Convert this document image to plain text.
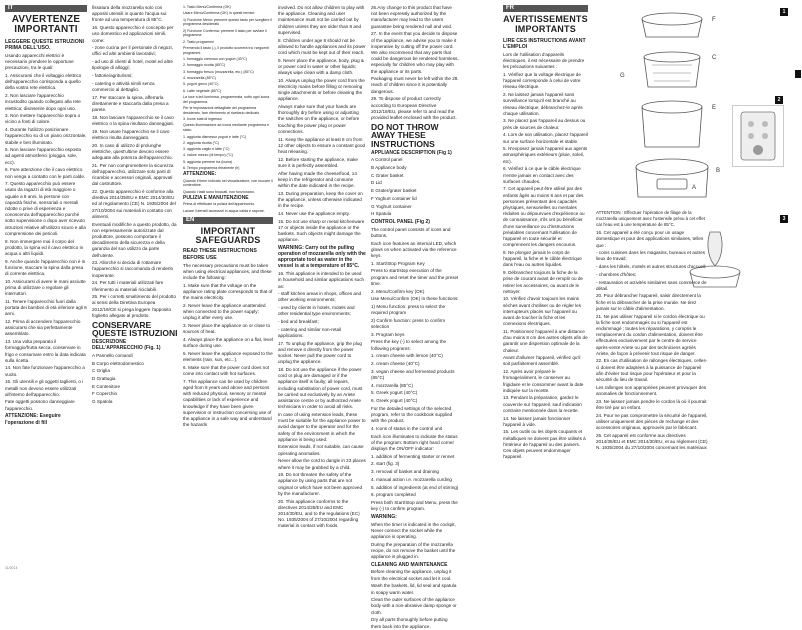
IT
AVVERTENZE IMPORTANTI

LEGGERE QUESTE ISTRUZIONI PRIMA DELL'USO.

Usando apparecchi elettrici è necessario prendere le opportune precauzioni, tra le quali:

1. Assicurarsi che il voltaggio elettrico dell'apparecchio corrisponda a quello della vostra rete elettrica.

2. Non lasciare l'apparecchio incustodito quando collegato alla rete elettrica; disinserire dopo ogni uso.

3. Non mettere l'apparecchio sopra o vicino a fonti di calore.

4. Durante l'utilizzo posizionare l'apparecchio su di un piano orizzontale, stabile e ben illuminato.

5. Non lasciare l'apparecchio esposto ad agenti atmosferici (pioggia, sole, ecc).

6. Fare attenzione che il cavo elettrico non venga a contatto con le parti calde.

7. Questo apparecchio può essere usato da ragazzi di età maggiore o uguale a 8 anni, la persone con capacità fisiche, sensoriali o mentali ridotte o prive di esperienza e conoscenza dell'apparecchio purché sotto supervisione o dopo aver ricevuto istruzioni relative all'utilizzo sicuro e alla comprensione dei pericoli.

8. Non immergere mai il corpo del prodotto, la spina ed il cavo elettrico in acqua o altri liquidi.

9. Anche quando l'apparecchio non è in funzione, staccare la spina dalla presa di corrente elettrica.

10. Assicurarsi di avere le mani asciutte prima di utilizzare o regolare gli interruttori.

11. Tenere l'apparecchio fuori dalla portata dei bambini di età inferiore agli 8 anni.

12. Prima di accendere l'apparecchio assicurarsi che sia perfettamente assemblato.

13. Una volta preparato il formaggio/frutta secca, conservare in frigo e consumare entro la data indicata sulla ricetta.

14. Non fate funzionare l'apparecchio a vuoto.

15. Gli utensili e gli oggetti taglienti, o i metalli non devono essere utilizzati all'interno dell'apparecchio.

Fate oggetti possono danneggiare l'apparecchio.

ATTENZIONE: Eseguire l'operazione di fill

fissatura della mozzarella solo con appositi utensili in quanto l'acqua sui fronte ad una temperatura di 85°C.

16. Questo apparecchio è concepito per uso domestico ed applicazioni simili, come:

- zone cucina per il personale di negozi, uffici ed altri ambienti lavorativi;

- ad uso di clienti di hotel, motel ed altre tipologie di alloggi;

- fattorie/agriturismi;

- catering e attività simili senza commercio al dettaglio.

17. Per staccare la spina, afferrarla direttamente e staccarla dalla presa a parete.

18. Non lasciare l'apparecchio se il cavo elettrico o la spina risultano danneggiati.

19. Non usare l'apparecchio se il cavo elettrico risulta danneggiato.

20. In caso di utilizzo di prolunghe elettriche, quest'ultime devono essere adeguate alla potenza dell'apparecchio.

21. Per non compromettere la sicurezza dell'apparecchio, utilizzare solo parti di ricambio e accessori originali, approvati dal costruttore.

22. Questo apparecchio è conforme alla direttiva 2014/35/EU e EMC 2014/30/EU ed al regolamento (CE) N. 1935/2004 del 27/10/2004 sui materiali in contatto con alimenti.

Eventuali modifiche a questo prodotto, da non espressamente autorizzate dal produttore, possono comportare il decadimento della sicurezza e della garanzia del suo utilizzo da parte dell'utente.

23. Allorché si decida di rottamare l'apparecchio si raccomanda di renderlo inoperante.

24. Per tutti i materiali utilizzati fare riferimento ai materiali riciclabili.

25. Per i corretti smaltimento del prodotto ai sensi della Direttiva Europea 2012/19/CE si prega leggere l'apposito foglietto allegato al prodotto.

CONSERVARE QUESTE ISTRUZIONI

DESCRIZIONE DELL'APPARECCHIO (Fig. 1)

A Pannello comandi

B Corpo elettrodomestico

C Griglia

D Grattugia

E Contenitore

F Coperchio

G Spatola

1. Tasto Menù/Conferma (OK)

Usare Menù/Conferma (OK) in questi termini:

1) Funzione Menù: premere questo tasto per scegliere il programma desiderato

2) Funzione Conferma: premere il tasto per avviare il programma

2. Tasto programmi

Premendo il tasto (-), il prodotto scorrerà tra i seguenti programmi:

1. formaggio cremoso con yogurt (40°C)

2. formaggio ricotta (85°C)

3. formaggio fresco (mozzarella, etc.) (85°C)

4. mozzarella (85°C)

5. yogurt greco (40°C)

6. Latte vegetale (85°C)

La luce a led luminosa, programmata, sotto ogni icona del programma.

Per le impostazioni dettagliate del programma desiderato, fare riferimento al ricettario dedicato.

3. Icone stati di ingresso

Questo illuminazione ad icona mediante programma e stato:

1. aggiunta dismesso yogurt e latte (°C)

2. aggiunta ricotta (°C)

3. aggiunta caglio e latte (°C)

4. valore mezzo (di tempo) (°C)

5. aggiunta premere tra (icona)

6. Tempo programma rimanente (h)

ATTENZIONE:

Quando il timer indicato nel visualizzatore, non toccare il contenitore.

Quando i tasti sono bloccati, non funzionano.

PULIZIA E MANUTENZIONE

Prima di effettuare la pulizia dell'apparecchio.

Lavare l'utensili accessori in acqua calda e sapone.

EN
IMPORTANT SAFEGUARDS
READ THESE INSTRUCTIONS BEFORE USE

The necessary precautions must be taken when using electrical appliances, and these include the following:

1. Make sure that the voltage on the appliance rating plate corresponds to that of the mains electricity.

2. Never leave the appliance unattended when connected to the power supply; unplug it after every use.

3. Never place the appliance on or close to sources of heat.

4. Always place the appliance on a flat, level surface during use.

5. Never leave the appliance exposed to the elements (rain, sun, etc...).

6. Make sure that the power cord does not come into contact with hot surfaces.

7. This appliance can be used by children aged from 8 years and above and persons with reduced physical, sensory or mental capabilities or lack of experience and knowledge if they have been given supervision or instruction concerning use of the appliance in a safe way and understand the hazards

involved. Do not allow children to play with the appliance. Cleaning and user maintenance must not be carried out by children unless they are older than 8 and supervised.

8. Children under age 8 should not be allowed to handle appliances and its power cord which must be kept out of their reach.

9. Never place the appliance, body, plug & or power cord in water or other liquids; always wipe clean with a damp cloth.

10. Always unplug the power cord from the electricity mains before filling or removing single attachments or before cleaning the appliance.

Always make sure that your hands are thoroughly dry before using or adjusting the switches on the appliance, or before touching the power plug or power connections.

11. Keep the appliance at least 8 cm from 12 other objects to ensure a constant good heat releasing.

12. Before starting the appliance, make sure it is perfectly assembled.

After having made the cheese/food, 14 keep in the refrigerator and consume within the date indicated in the recipe.

13. During preparation, keep the cover on the appliance, unless otherwise indicated in the recipe.

14. Never use the appliance empty.

15. Do not use sharp or metal kitchenware 17 or objects inside the appliance or the baskets. Such objects might damage the appliance.

WARNING: Carry out the pulling operation of mozzarella only with the appropriate tool as water in the vessel is at a temperature of 85°C.

16. This appliance is intended to be used in household and similar applications such as:

- staff kitchen areas in shops, offices and other working environments;

- used by clients in hotels, motels and other residential type environments;

- bed and breakfast;

- catering and similar non-retail applications.

17. To unplug the appliance, grip the plug and remove it directly from the power socket. Never pull the power cord to unplug the appliance.

18. Do not use the appliance if the power cord or plug are damaged or if the appliance itself is faulty; all repairs, including substitution of power cord, must be carried out exclusively by an Ariete assistance centre or by authorized Ariete technicians in order to avoid all risks.

In case of using extension leads, these must be suitable for the appliance power to avoid danger to the operator and for the safety of the environment in which the appliance is being used.

Extension leads, if not suitable, can cause operating anomalies.

Never allow the cord to dangle in 23 places where it may be grabbed by a child.

19. Do not threaten the safety of the appliance by using parts that are not original or which have not been approved by the manufacturer.

20. This appliance conforms to the directives 2014/35/EU and EMC 2014/30/EU, and to the regulations (EC) No. 1935/2004 of 27/10/2004 regarding material in contact with foods.

26.Any change to this product that have not been expressly authorized by the manufacturer may lead to the users guarantee being rendered null and void.

27. In the event that you decide to dispose of the appliance, we advise you to make it inoperative by cutting off the power cord. We also recommend that any parts that could be dangerous be rendered harmless, especially for children who may play with the appliance or its parts.

Packaging must never be left within the 28. reach of children since it is potentially dangerous.

29. To dispose of product correctly according to European Directive 2012/19/EU, please refer to and read the provided leaflet enclosed with the product.

DO NOT THROW AWAY THESE INSTRUCTIONS

APPLIANCE DESCRIPTION (Fig 1)

A Control panel

B Appliance body

C Grater basket

D Lid

E Grater/grater basket

F Yoghurt container lid

G Yoghurt container

H Spatula

CONTROL PANEL (Fig 2)

The control panel consists of icons and buttons.

Each icon features an internal LED, which glows on when activated via the reference keys.

1. Start/Stop Program Key

Press to start/stop execution of the program and reset the timer and the preset time.

2. Menu/Confirm key (OK)

Use Menu/Confirm (OK) in these functions:

1) Menu function: press to select the required program

2) Confirm function: press to confirm selection

3. Program keys

Press the key (-) to select among the following programs:

1. cream cheese with lemon (40°C)

2. cream cheese (40°C)

3. vegan cheese and fermented products (85°C)

4. mozzarella (85°C)

5. Greek yogurt (40°C)

6. Greek yogurt (40°C)

For the detailed settings of the selected program, refer to the cookbook supplied with the product.

4. Icons of status in the control unit

Each icon illuminates to indicate the status of the program: Bottom right hand corner displays the ON/OFF indicator:

1. addition of fermenting starter or rennet

2. start (fig. 3)

3. removal of basket and draining

4. manual action i.e. mozzarella curding

5. addition of ingredients (at end of stirring)

6. program completed

Press both Start/Stop and Menu, press the key (-) to confirm program.

WARNING:

When the timer is indicated in the cockpit, Never connect the socket while the appliance is operating.

During the preparation of the mozzarella recipe, do not remove the basket until the appliance is plugged in.

CLEANING AND MAINTENANCE

Before cleaning the appliance, unplug it from the electrical socket and let it cool.

Wash the baskets, lid, lid seal and spatula in soapy warm water.

Clean the outer surfaces of the appliance body with a non-abrasive damp sponge or cloth.

Dry all parts thoroughly before putting them back into the appliance.

FR
AVERTISSEMENTS IMPORTANTS

LIRE CES INSTRUCTIONS AVANT L'EMPLOI

Lors de l'utilisation d'appareils électriques, il est nécessaire de prendre les précautions suivantes :

1. Vérifiez que la voltage électrique de l'appareil corresponde à celui de votre réseau électrique.

2. Ne laissez jamais l'appareil sans surveillance lorsqu'il est branché au réseau électrique; débranchez-le après chaque utilisation.

3. Ne placez pas l'appareil au dessus ou près de sources de chaleur.

4. Lors de son utilisation, placez l'appareil sur une surface horizontale et stable.

5. N'exposez jamais l'appareil aux agents atmosphériques extérieurs (pluie, soleil, etc).

6. Vérifiez à ce que le câble électrique n'entre jamais en contact avec des surfaces chaudes.

7. Cet appareil peut être utilisé par des enfants âgés au moins 8 ans et par des personnes présentant des capacités physiques, sensorielles ou mentales réduites ou dépourvues d'expérience ou de connaissance, s'ils ont pu bénéficier d'une surveillance ou d'instructions préalables concernant l'utilisation de l'appareil en toute sécurité et comprennent les dangers encourus.

8. Ne plongez jamais le corps de l'appareil, la fiche et le câble électrique dans l'eau ou autres liquides.

9. Débranchez toujours la fiche de la prise de courant avant de remplir ou de retirer les accessoires, ou avant de le nettoyer.

10. Vérifiez d'avoir toujours les mains sèches avant d'utiliser ou de régler les interrupteurs placés sur l'appareil ou avant de toucher la fiche et les connexions électriques.

11. Positionnez l'appareil à une distance d'au moins 8 cm des autres objets afin de garantir une dispersion optimale de la chaleur.

Avant d'allumer l'appareil, vérifiez qu'il soit parfaitement assemblé.

12. Après avoir préparé le fromage/aliment, le conserver au frigidaire et le consommer avant la date indiquée sur la recette.

13. Pendant la préparation, gardez le couvercle sur l'appareil, sauf indication contraire mentionnée dans la recette.

14. Ne laissez jamais fonctionner l'appareil à vide.

15. Les outils ou les objets coupants et métalliques ne doivent pas être utilisés à l'intérieur de l'appareil ou des paniers. Ces objets peuvent endommager l'appareil.

1
F
C
E
B
A
G
2
3

ATTENTION : Effectuer l'opération de filage de la mozzarella uniquement avec l'ustensile prévu à cet effet car l'eau est à une température de 85°C.

16. Cet appareil a été conçu pour un usage domestique et pour des applications similaires, telles que :

- coins cuisines dans les magasins, bureaux et autres lieux de travail;

- dans les hôtels, motels et autres structures d'accueil;

- chambres d'hôtes;

- restauration et activités similaires sans commerce de détail.

20. Pour débrancher l'appareil, saisir directement la fiche et la débrancher de la prise murale. Ne tirez jamais sur le câble d'alimentation.

21. Ne pas utiliser l'appareil si le cordon électrique ou la fiche sont endommagés ou si l'appareil est endommagé ; toutes les réparations, y compris le remplacement du cordon d'alimentation, doivent être effectuées exclusivement par le centre de service après-vente Ariete ou par des techniciens agréés Ariete, de façon à prévenir tout risque de danger.

22. En cas d'utilisation de rallonges électriques, celles-ci doivent être adaptées à la puissance de l'appareil afin d'éviter tout risque pour l'opérateur et pour la sécurité du lieu de travail.

Les rallonges non appropriées peuvent provoquer des anomalies de fonctionnement.

23. Ne laissez jamais pendre le cordon là où il pourrait être tiré par un enfant.

24. Pour ne pas compromettre la sécurité de l'appareil, utiliser uniquement des pièces de rechange et des accessoires originaux, approuvés par le fabricant.

25. Cet appareil est conforme aux directives 2014/35/EU et EMC 2014/30/EU, et au règlement (CE) N. 1935/2004 du 27/10/2004 concernant les matériaux

11/2014
